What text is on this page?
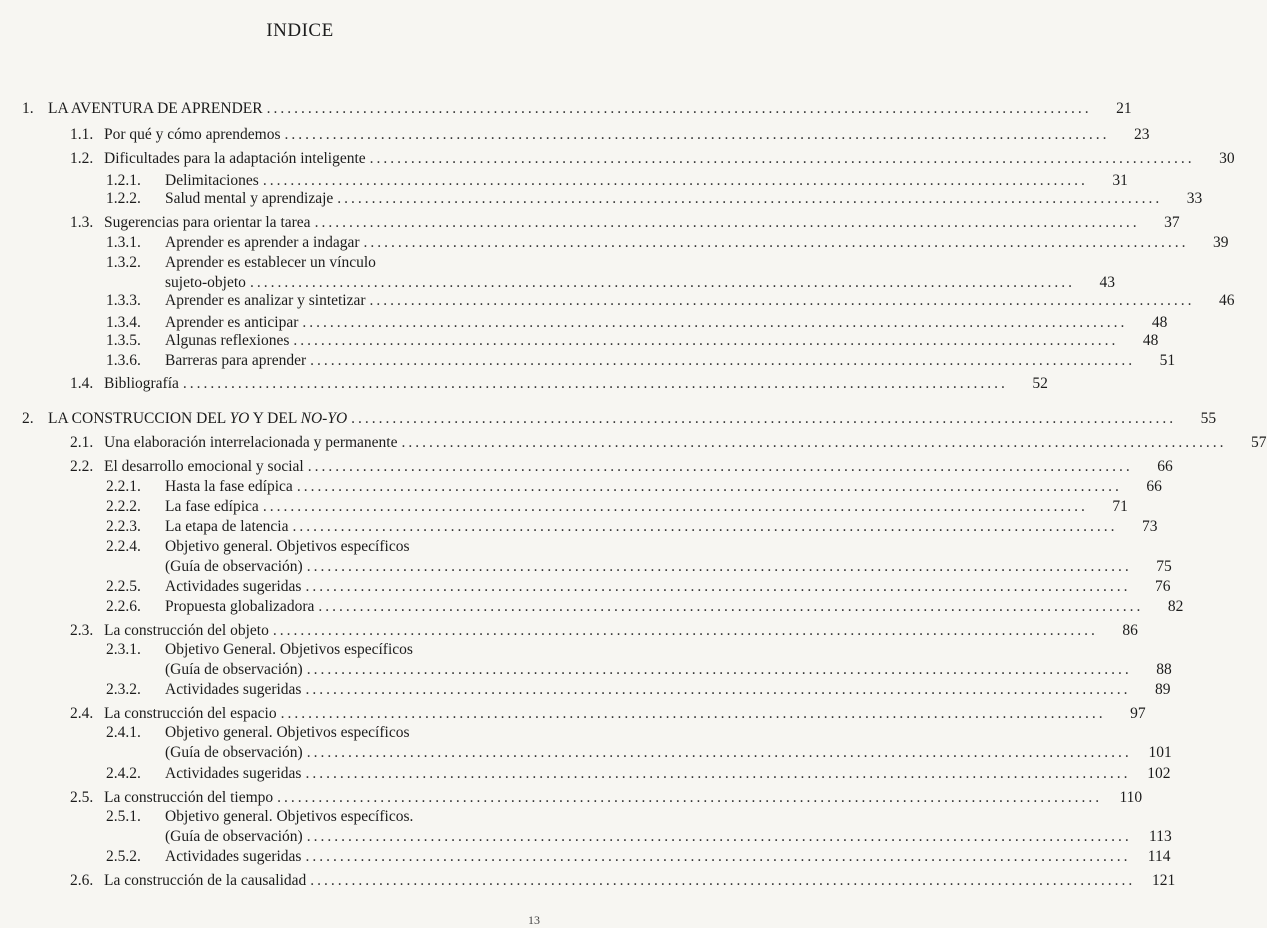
INDICE
1. LA AVENTURA DE APRENDER ........................................................................................................................	21
1.1. Por qué y cómo aprendemos ........................................................................................................................	23
1.2. Dificultades para la adaptación inteligente ........................................................................................................................	30
1.2.1.	Delimitaciones ........................................................................................................................	31
1.2.2.	Salud mental y aprendizaje ........................................................................................................................	33
1.3. Sugerencias para orientar la tarea ........................................................................................................................	37
1.3.1.	Aprender es aprender a indagar ........................................................................................................................	39
1.3.2. Aprender es establecer un vínculo
sujeto-objeto ........................................................................................................................	43
1.3.3.	Aprender es analizar y sintetizar ........................................................................................................................	46
1.3.4.	Aprender es anticipar ........................................................................................................................	48
1.3.5.	Algunas reflexiones ........................................................................................................................	48
1.3.6.	Barreras para aprender ........................................................................................................................	51
1.4. Bibliografía ........................................................................................................................	52
2. LA CONSTRUCCION DEL YO Y DEL NO-YO ........................................................................................................................	55
2.1. Una elaboración interrelacionada y permanente ........................................................................................................................	57
2.2. El desarrollo emocional y social ........................................................................................................................	66
2.2.1.	Hasta la fase edípica ........................................................................................................................	66
2.2.2.	La fase edípica ........................................................................................................................	71
2.2.3.	La etapa de latencia ........................................................................................................................	73
2.2.4. Objetivo general. Objetivos específicos
(Guía de observación) ........................................................................................................................	75
2.2.5.	Actividades sugeridas ........................................................................................................................	76
2.2.6.	Propuesta globalizadora ........................................................................................................................	82
2.3. La construcción del objeto ........................................................................................................................	86
2.3.1. Objetivo General. Objetivos específicos
(Guía de observación) ........................................................................................................................	88
2.3.2.	Actividades sugeridas ........................................................................................................................	89
2.4. La construcción del espacio ........................................................................................................................	97
2.4.1. Objetivo general. Objetivos específicos
(Guía de observación) ........................................................................................................................	101
2.4.2.	Actividades sugeridas ........................................................................................................................	102
2.5. La construcción del tiempo ........................................................................................................................	110
2.5.1. Objetivo general. Objetivos específicos.
(Guía de observación) ........................................................................................................................	113
2.5.2.	Actividades sugeridas ........................................................................................................................	114
2.6. La construcción de la causalidad ........................................................................................................................	121
13
